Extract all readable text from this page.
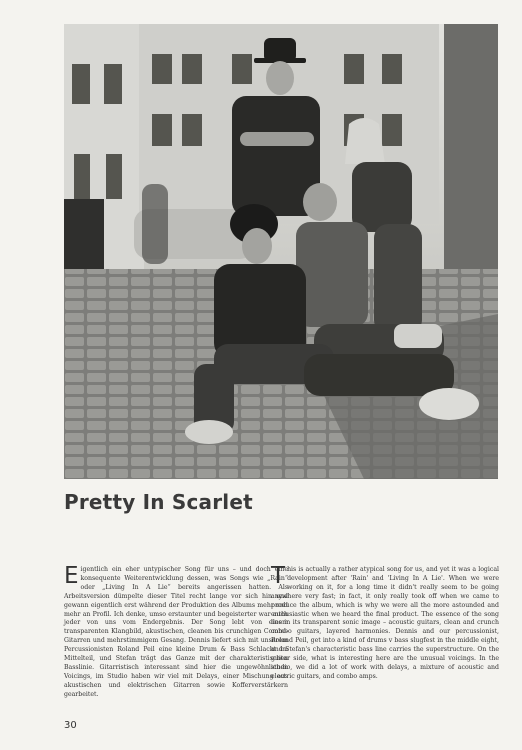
Pretty In Scarlet
Eigentlich ein eher untypischer Song für uns – und doch eine konsequente Weiterentwicklung dessen, was Songs wie „Rain“ oder „Living In A Lie“ bereits angerissen hatten. Als Arbeitsversion dümpelte dieser Titel recht lange vor sich hin und gewann eigentlich erst während der Produktion des Albums mehr und mehr an Profil. Ich denke, umso erstaunter und begeisterter war auch jeder von uns vom Endergebnis. Der Song lebt von einem transparenten Klangbild, akustischen, cleanen bis crunchigen Combo-Gitarren und mehrstimmigem Gesang. Dennis liefert sich mit unserem Percussionisten Roland Peil eine kleine Drum & Bass Schlacht im Mittelteil, und Stefan trägt das Ganze mit der charakteristischen Basslinie. Gitarristisch interessant sind hier die ungewöhnlichen Voicings, im Studio haben wir viel mit Delays, einer Mischung aus akustischen und elektrischen Gitarren sowie Kofferverstärkern gearbeitet.
This is actually a rather atypical song for us, and yet it was a logical development after 'Rain' and 'Living In A Lie'. When we were working on it, for a long time it didn't really seem to be going anywhere very fast; in fact, it only really took off when we came to produce the album, which is why we were all the more astounded and enthusiastic when we heard the final product. The essence of the song lies in its transparent sonic image – acoustic guitars, clean and crunch combo guitars, layered harmonies. Dennis and our percussionist, Roland Peil, get into a kind of drums v bass slugfest in the middle eight, and Stefan's characteristic bass line carries the superstructure. On the guitar side, what is interesting here are the unusual voicings. In the studio, we did a lot of work with delays, a mixture of acoustic and electric guitars, and combo amps.
30
